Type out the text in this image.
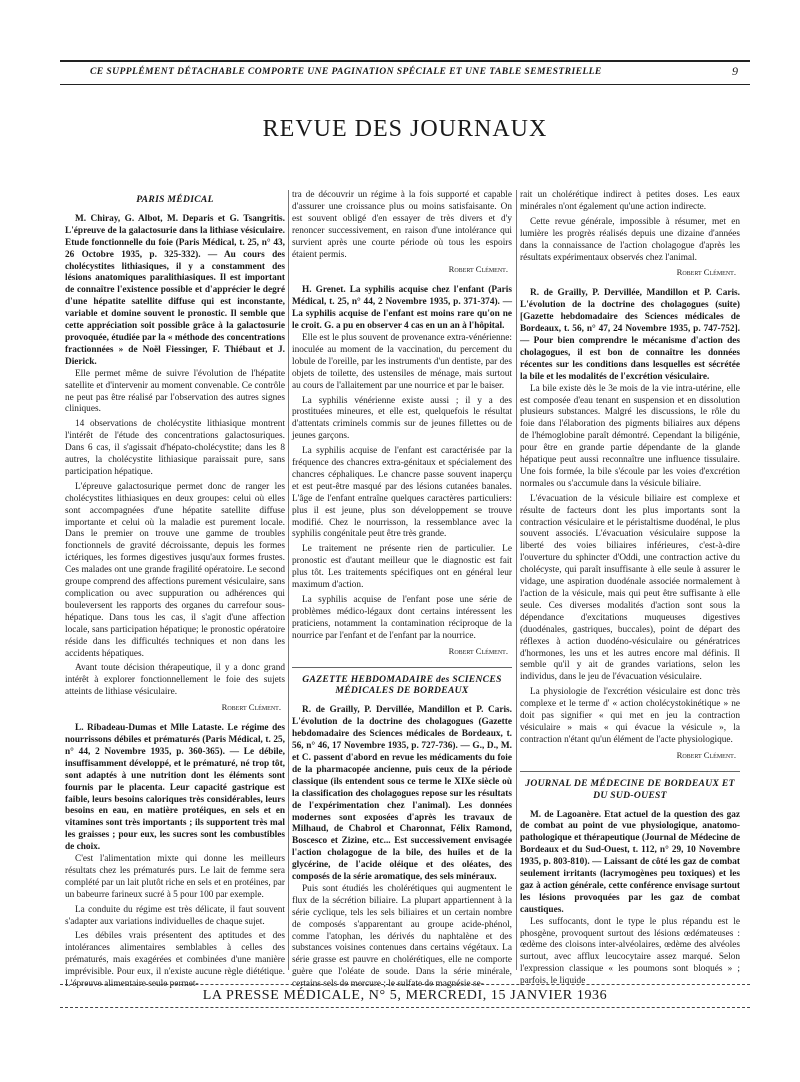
CE SUPPLÉMENT DÉTACHABLE COMPORTE UNE PAGINATION SPÉCIALE ET UNE TABLE SEMESTRIELLE	9
REVUE DES JOURNAUX
PARIS MÉDICAL

M. Chiray, G. Albot, M. Deparis et G. Tsangritis. L'épreuve de la galactosurie dans la lithiase vésiculaire. Etude fonctionnelle du foie (Paris Médical, t. 25, n° 43, 26 Octobre 1935, p. 325-332). — Au cours des cholécystites lithiasiques, il y a constamment des lésions anatomiques paralithiasiques. Il est important de connaître l'existence possible et d'apprécier le degré d'une hépatite satellite diffuse qui est inconstante, variable et domine souvent le pronostic. Il semble que cette appréciation soit possible grâce à la galactosurie provoquée, étudiée par la « méthode des concentrations fractionnées » de Noël Fiessinger, F. Thiébaut et J. Dierick.

Elle permet même de suivre l'évolution de l'hépatite satellite et d'intervenir au moment convenable. Ce contrôle ne peut pas être réalisé par l'observation des autres signes cliniques.

14 observations de cholécystite lithiasique montrent l'intérêt de l'étude des concentrations galactosuriques. Dans 6 cas, il s'agissait d'hépato-cholécystite; dans les 8 autres, la cholécystite lithiasique paraissait pure, sans participation hépatique.

L'épreuve galactosurique permet donc de ranger les cholécystites lithiasiques en deux groupes: celui où elles sont accompagnées d'une hépatite satellite diffuse importante et celui où la maladie est purement locale. Dans le premier on trouve une gamme de troubles fonctionnels de gravité décroissante, depuis les formes ictériques, les formes digestives jusqu'aux formes frustes. Ces malades ont une grande fragilité opératoire. Le second groupe comprend des affections purement vésiculaire, sans complication ou avec suppuration ou adhérences qui bouleversent les rapports des organes du carrefour sous-hépatique. Dans tous les cas, il s'agit d'une affection locale, sans participation hépatique; le pronostic opératoire réside dans les difficultés techniques et non dans les accidents hépatiques.

Avant toute décision thérapeutique, il y a donc grand intérêt à explorer fonctionnellement le foie des sujets atteints de lithiase vésiculaire.

Robert Clément.

L. Ribadeau-Dumas et Mlle Lataste. Le régime des nourrissons débiles et prématurés (Paris Médical, t. 25, n° 44, 2 Novembre 1935, p. 360-365). — Le débile, insuffisamment développé, et le prématuré, né trop tôt, sont adaptés à une nutrition dont les éléments sont fournis par le placenta. Leur capacité gastrique est faible, leurs besoins caloriques très considérables, leurs besoins en eau, en matière protéiques, en sels et en vitamines sont très importants ; ils supportent très mal les graisses ; pour eux, les sucres sont les combustibles de choix.

C'est l'alimentation mixte qui donne les meilleurs résultats chez les prématurés purs. Le lait de femme sera complété par un lait plutôt riche en sels et en protéines, par un babeurre farineux sucré à 5 pour 100 par exemple.

La conduite du régime est très délicate, il faut souvent s'adapter aux variations individuelles de chaque sujet.

Les débiles vrais présentent des aptitudes et des intolérances alimentaires semblables à celles des prématurés, mais exagérées et combinées d'une manière imprévisible. Pour eux, il n'existe aucune règle diététique. L'épreuve alimentaire seule permet-

tra de découvrir un régime à la fois supporté et capable d'assurer une croissance plus ou moins satisfaisante. On est souvent obligé d'en essayer de très divers et d'y renoncer successivement, en raison d'une intolérance qui survient après une courte période où tous les espoirs étaient permis.

Robert Clément.

H. Grenet. La syphilis acquise chez l'enfant (Paris Médical, t. 25, n° 44, 2 Novembre 1935, p. 371-374). — La syphilis acquise de l'enfant est moins rare qu'on ne le croit. G. a pu en observer 4 cas en un an à l'hôpital.

Elle est le plus souvent de provenance extra-vénérienne: inoculée au moment de la vaccination, du percement du lobule de l'oreille, par les instruments d'un dentiste, par des objets de toilette, des ustensiles de ménage, mais surtout au cours de l'allaitement par une nourrice et par le baiser.

La syphilis vénérienne existe aussi ; il y a des prostituées mineures, et elle est, quelquefois le résultat d'attentats criminels commis sur de jeunes fillettes ou de jeunes garçons.

La syphilis acquise de l'enfant est caractérisée par la fréquence des chancres extra-génitaux et spécialement des chancres céphaliques. Le chancre passe souvent inaperçu et est peut-être masqué par des lésions cutanées banales. L'âge de l'enfant entraîne quelques caractères particuliers: plus il est jeune, plus son développement se trouve modifié. Chez le nourrisson, la ressemblance avec la syphilis congénitale peut être très grande.

Le traitement ne présente rien de particulier. Le pronostic est d'autant meilleur que le diagnostic est fait plus tôt. Les traitements spécifiques ont en général leur maximum d'action.

La syphilis acquise de l'enfant pose une série de problèmes médico-légaux dont certains intéressent les praticiens, notamment la contamination réciproque de la nourrice par l'enfant et de l'enfant par la nourrice.

Robert Clément.
GAZETTE HEBDOMADAIRE des SCIENCES MÉDICALES DE BORDEAUX

R. de Grailly, P. Dervillée, Mandillon et P. Caris. L'évolution de la doctrine des cholagogues (Gazette hebdomadaire des Sciences médicales de Bordeaux, t. 56, n° 46, 17 Novembre 1935, p. 727-736). — G., D., M. et C. passent d'abord en revue les médicaments du foie de la pharmacopée ancienne, puis ceux de la période classique (ils entendent sous ce terme le XIXe siècle où la classification des cholagogues repose sur les résultats de l'expérimentation chez l'animal). Les données modernes sont exposées d'après les travaux de Milhaud, de Chabrol et Charonnat, Félix Ramond, Boscesco et Zizine, etc... Est successivement envisagée l'action cholagogue de la bile, des huiles et de la glycérine, de l'acide oléique et des oléates, des composés de la série aromatique, des sels minéraux.

Puis sont étudiés les cholérétiques qui augmentent le flux de la sécrétion biliaire. La plupart appartiennent à la série cyclique, tels les sels biliaires et un certain nombre de composés s'apparentant au groupe acide-phénol, comme l'atophan, les dérivés du naphtalène et des substances voisines contenues dans certains végétaux. La série grasse est pauvre en cholérétiques, elle ne comporte guère que l'oléate de soude. Dans la série minérale, certains sels de mercure ; le sulfate de magnésie se-

rait un cholérétique indirect à petites doses. Les eaux minérales n'ont également qu'une action indirecte.

Cette revue générale, impossible à résumer, met en lumière les progrès réalisés depuis une dizaine d'années dans la connaissance de l'action cholagogue d'après les résultats expérimentaux observés chez l'animal.

Robert Clément.

R. de Grailly, P. Dervillée, Mandillon et P. Caris. L'évolution de la doctrine des cholagogues (suite) [Gazette hebdomadaire des Sciences médicales de Bordeaux, t. 56, n° 47, 24 Novembre 1935, p. 747-752]. — Pour bien comprendre le mécanisme d'action des cholagogues, il est bon de connaître les données récentes sur les conditions dans lesquelles est sécrétée la bile et les modalités de l'excrétion vésiculaire.

La bile existe dès le 3e mois de la vie intra-utérine, elle est composée d'eau tenant en suspension et en dissolution plusieurs substances. Malgré les discussions, le rôle du foie dans l'élaboration des pigments biliaires aux dépens de l'hémoglobine paraît démontré. Cependant la biligénie, pour être en grande partie dépendante de la glande hépatique peut aussi reconnaître une influence tissulaire. Une fois formée, la bile s'écoule par les voies d'excrétion normales ou s'accumule dans la vésicule biliaire.

L'évacuation de la vésicule biliaire est complexe et résulte de facteurs dont les plus importants sont la contraction vésiculaire et le péristaltisme duodénal, le plus souvent associés. L'évacuation vésiculaire suppose la liberté des voies biliaires inférieures, c'est-à-dire l'ouverture du sphincter d'Oddi, une contraction active du cholécyste, qui paraît insuffisante à elle seule à assurer le vidage, une aspiration duodénale associée normalement à l'action de la vésicule, mais qui peut être suffisante à elle seule. Ces diverses modalités d'action sont sous la dépendance d'excitations muqueuses digestives (duodénales, gastriques, buccales), point de départ des réflexes à action duodéno-vésiculaire ou génératrices d'hormones, les uns et les autres encore mal définis. Il semble qu'il y ait de grandes variations, selon les individus, dans le jeu de l'évacuation vésiculaire.

La physiologie de l'excrétion vésiculaire est donc très complexe et le terme d' « action cholécystokinétique » ne doit pas signifier « qui met en jeu la contraction vésiculaire » mais « qui évacue la vésicule », la contraction n'étant qu'un élément de l'acte physiologique.

Robert Clément.
JOURNAL DE MÉDECINE DE BORDEAUX ET DU SUD-OUEST

M. de Lagoanère. Etat actuel de la question des gaz de combat au point de vue physiologique, anatomo-pathologique et thérapeutique (Journal de Médecine de Bordeaux et du Sud-Ouest, t. 112, n° 29, 10 Novembre 1935, p. 803-810). — Laissant de côté les gaz de combat seulement irritants (lacrymogènes peu toxiques) et les gaz à action générale, cette conférence envisage surtout les lésions provoquées par les gaz de combat caustiques.

Les suffocants, dont le type le plus répandu est le phosgène, provoquent surtout des lésions œdémateuses : œdème des cloisons inter-alvéolaires, œdème des alvéoles surtout, avec afflux leucocytaire assez marqué. Selon l'expression classique « les poumons sont bloqués » ; parfois, le liquide

LA PRESSE MÉDICALE, N° 5, MERCREDI, 15 JANVIER 1936
